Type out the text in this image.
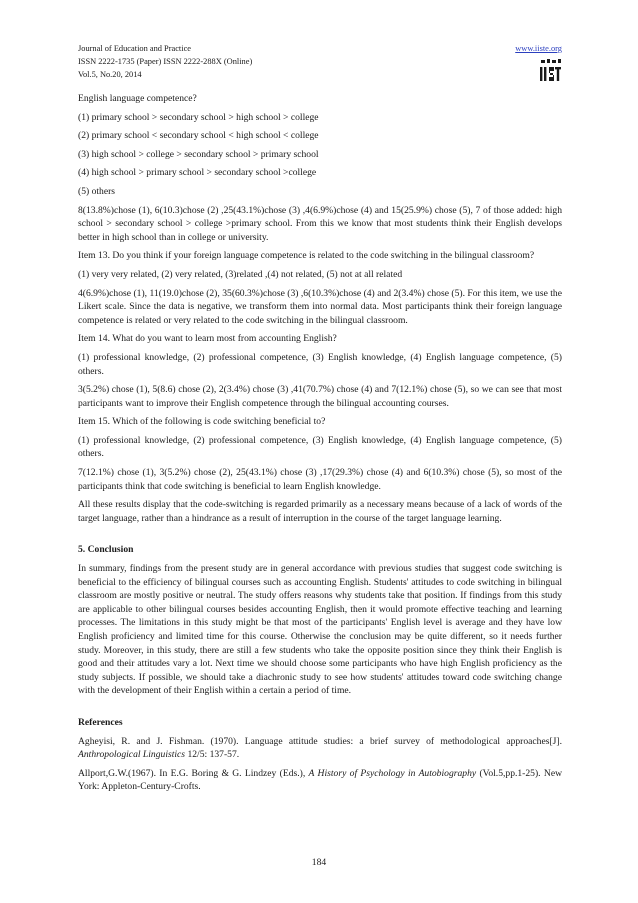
Journal of Education and Practice
ISSN 2222-1735 (Paper) ISSN 2222-288X (Online)
Vol.5, No.20, 2014
www.iiste.org

English language competence?

(1) primary school > secondary school > high school > college

(2) primary school < secondary school < high school < college

(3) high school > college > secondary school > primary school

(4) high school > primary school > secondary school >college

(5) others

8(13.8%)chose (1), 6(10.3)chose (2) ,25(43.1%)chose (3) ,4(6.9%)chose (4) and 15(25.9%) chose (5), 7 of those added: high school > secondary school > college >primary school. From this we know that most students think their English develops better in high school than in college or university.

Item 13. Do you think if your foreign language competence is related to the code switching in the bilingual classroom?

(1) very very related, (2) very related, (3)related ,(4) not related, (5) not at all related

4(6.9%)chose (1), 11(19.0)chose (2), 35(60.3%)chose (3) ,6(10.3%)chose (4) and 2(3.4%) chose (5). For this item, we use the Likert scale. Since the data is negative, we transform them into normal data. Most participants think their foreign language competence is related or very related to the code switching in the bilingual classroom.

Item 14. What do you want to learn most from accounting English?

(1) professional knowledge, (2) professional competence, (3) English knowledge, (4) English language competence, (5) others.

3(5.2%) chose (1), 5(8.6) chose (2), 2(3.4%) chose (3) ,41(70.7%) chose (4) and 7(12.1%) chose (5), so we can see that most participants want to improve their English competence through the bilingual accounting courses.

Item 15. Which of the following is code switching beneficial to?

(1) professional knowledge, (2) professional competence, (3) English knowledge, (4) English language competence, (5) others.

7(12.1%) chose (1), 3(5.2%) chose (2), 25(43.1%) chose (3) ,17(29.3%) chose (4) and 6(10.3%) chose (5), so most of the participants think that code switching is beneficial to learn English knowledge.

All these results display that the code-switching is regarded primarily as a necessary means because of a lack of words of the target language, rather than a hindrance as a result of interruption in the course of the target language learning.

5. Conclusion

In summary, findings from the present study are in general accordance with previous studies that suggest code switching is beneficial to the efficiency of bilingual courses such as accounting English. Students' attitudes to code switching in bilingual classroom are mostly positive or neutral. The study offers reasons why students take that position. If findings from this study are applicable to other bilingual courses besides accounting English, then it would promote effective teaching and learning processes. The limitations in this study might be that most of the participants' English level is average and they have low English proficiency and limited time for this course. Otherwise the conclusion may be quite different, so it needs further study. Moreover, in this study, there are still a few students who take the opposite position since they think their English is good and their attitudes vary a lot. Next time we should choose some participants who have high English proficiency as the study subjects. If possible, we should take a diachronic study to see how students' attitudes toward code switching change with the development of their English within a certain a period of time.

References

Agheyisi, R. and J. Fishman. (1970). Language attitude studies: a brief survey of methodological approaches[J]. Anthropological Linguistics 12/5: 137-57.

Allport,G.W.(1967). In E.G. Boring & G. Lindzey (Eds.), A History of Psychology in Autobiography (Vol.5,pp.1-25). New York: Appleton-Century-Crofts.

184
